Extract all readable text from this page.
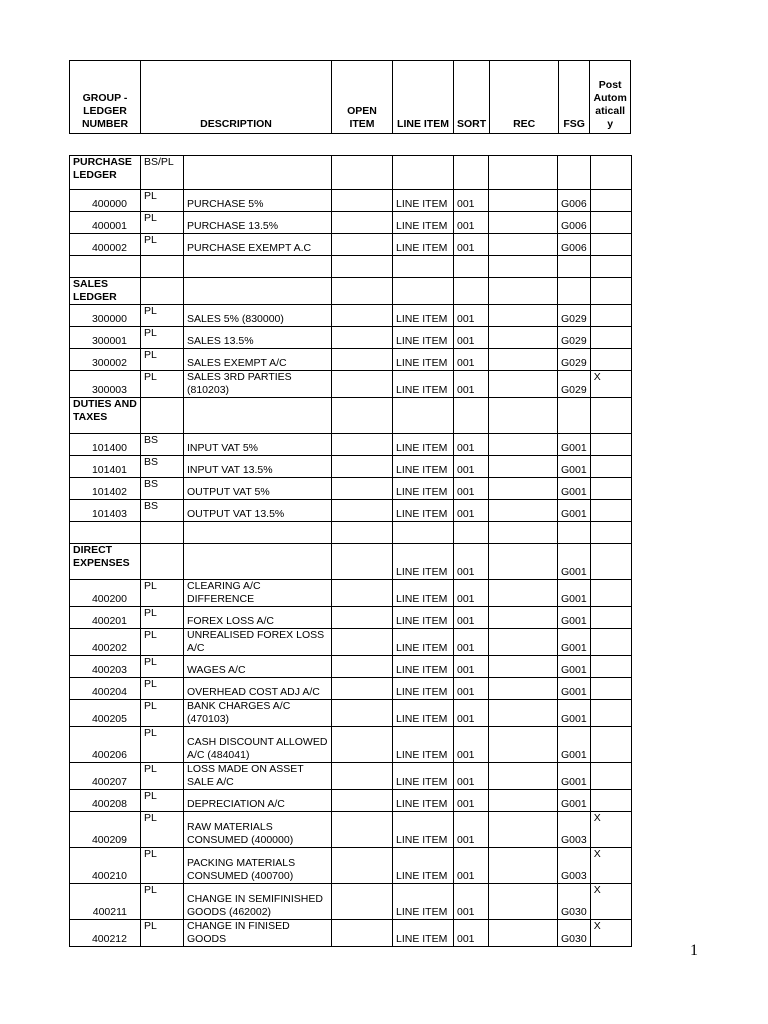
GROUP - LEDGER NUMBER	DESCRIPTION	OPEN ITEM	LINE ITEM	SORT	REC	FSG	Post Autom aticall y
PURCHASE LEDGER	BS/PL							
400000	PL	PURCHASE 5%		LINE ITEM	001		G006	
400001	PL	PURCHASE 13.5%		LINE ITEM	001		G006	
400002	PL	PURCHASE EXEMPT A.C		LINE ITEM	001		G006	

SALES LEDGER								
300000	PL	SALES 5% (830000)		LINE ITEM	001		G029	
300001	PL	SALES 13.5%		LINE ITEM	001		G029	
300002	PL	SALES EXEMPT A/C		LINE ITEM	001		G029	
300003	PL	SALES 3RD PARTIES (810203)		LINE ITEM	001		G029	X
DUTIES AND TAXES								
101400	BS	INPUT VAT 5%		LINE ITEM	001		G001	
101401	BS	INPUT VAT 13.5%		LINE ITEM	001		G001	
101402	BS	OUTPUT VAT 5%		LINE ITEM	001		G001	
101403	BS	OUTPUT VAT 13.5%		LINE ITEM	001		G001	

DIRECT EXPENSES				LINE ITEM	001		G001	
400200	PL	CLEARING A/C DIFFERENCE		LINE ITEM	001		G001	
400201	PL	FOREX LOSS A/C		LINE ITEM	001		G001	
400202	PL	UNREALISED FOREX LOSS A/C		LINE ITEM	001		G001	
400203	PL	WAGES A/C		LINE ITEM	001		G001	
400204	PL	OVERHEAD COST ADJ A/C		LINE ITEM	001		G001	
400205	PL	BANK CHARGES A/C (470103)		LINE ITEM	001		G001	
400206	PL	CASH DISCOUNT ALLOWED A/C (484041)		LINE ITEM	001		G001	
400207	PL	LOSS MADE ON ASSET SALE A/C		LINE ITEM	001		G001	
400208	PL	DEPRECIATION A/C		LINE ITEM	001		G001	
400209	PL	RAW MATERIALS CONSUMED (400000)		LINE ITEM	001		G003	X
400210	PL	PACKING MATERIALS CONSUMED (400700)		LINE ITEM	001		G003	X
400211	PL	CHANGE IN SEMIFINISHED GOODS (462002)		LINE ITEM	001		G030	X
400212	PL	CHANGE IN FINISED GOODS		LINE ITEM	001		G030	X
1
